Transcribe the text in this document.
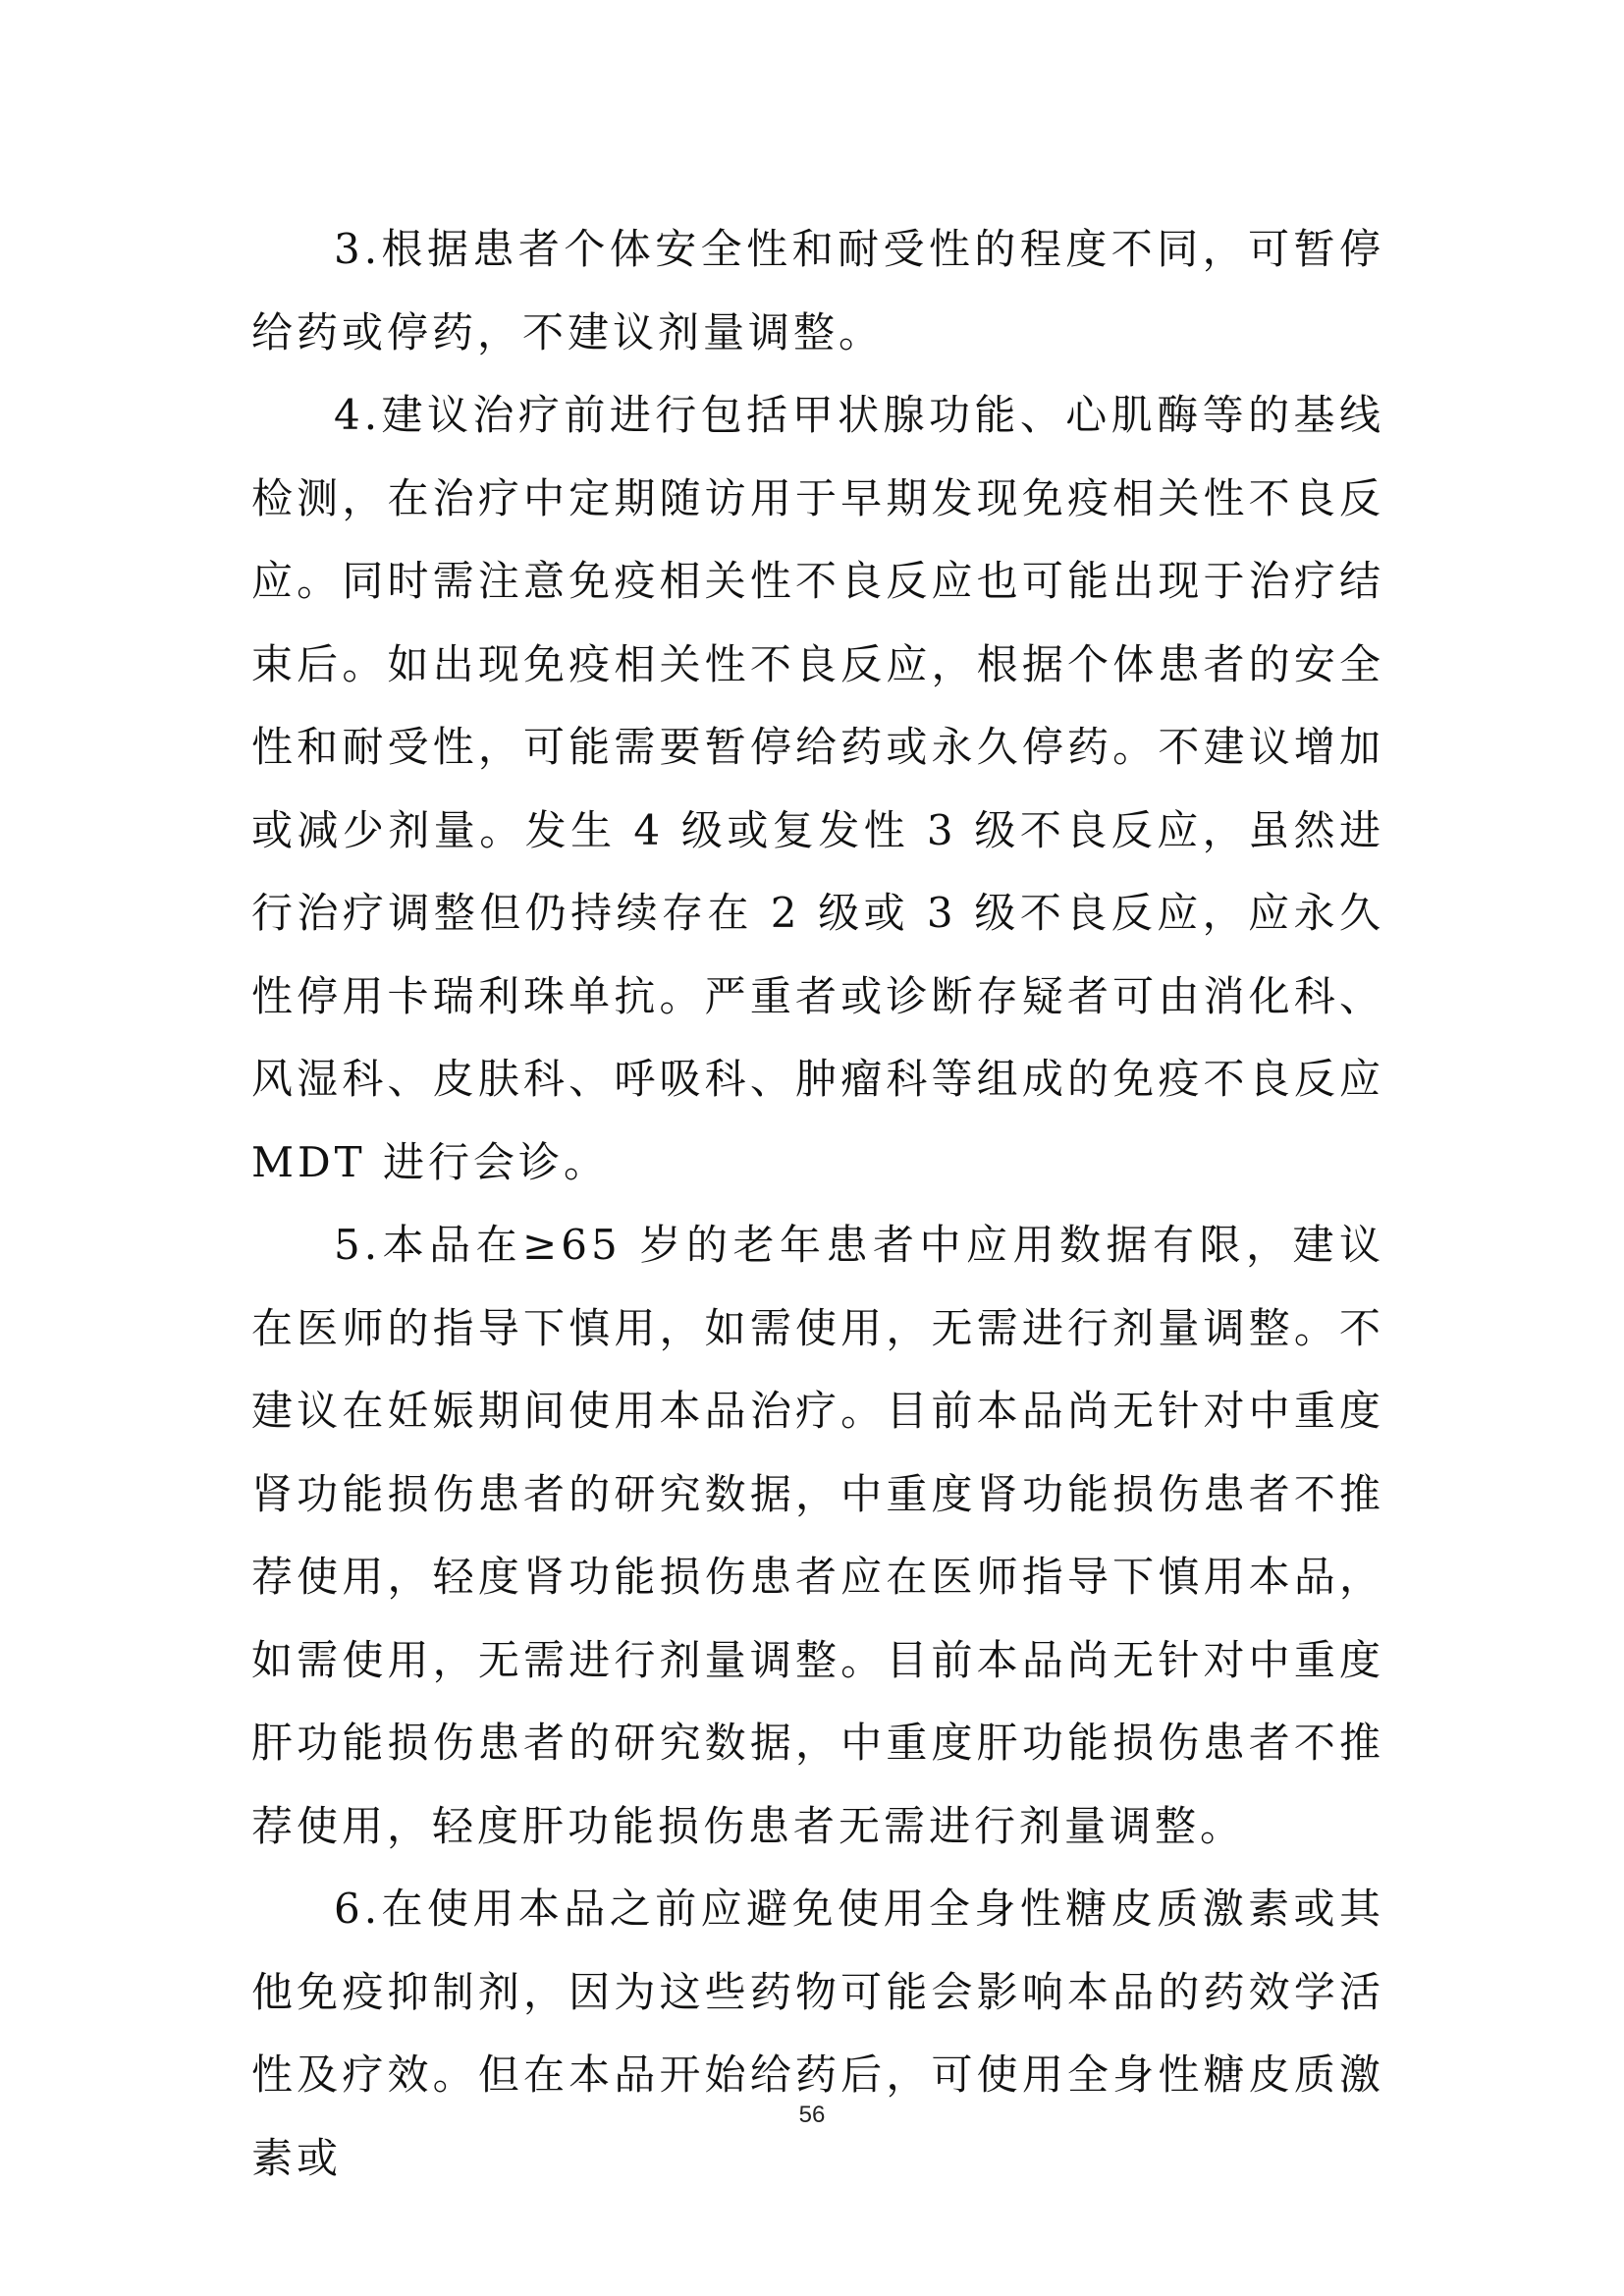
3.根据患者个体安全性和耐受性的程度不同，可暂停给药或停药，不建议剂量调整。

4.建议治疗前进行包括甲状腺功能、心肌酶等的基线检测，在治疗中定期随访用于早期发现免疫相关性不良反应。同时需注意免疫相关性不良反应也可能出现于治疗结束后。如出现免疫相关性不良反应，根据个体患者的安全性和耐受性，可能需要暂停给药或永久停药。不建议增加或减少剂量。发生 4 级或复发性 3 级不良反应，虽然进行治疗调整但仍持续存在 2 级或 3 级不良反应，应永久性停用卡瑞利珠单抗。严重者或诊断存疑者可由消化科、风湿科、皮肤科、呼吸科、肿瘤科等组成的免疫不良反应 MDT 进行会诊。

5.本品在≥65 岁的老年患者中应用数据有限，建议在医师的指导下慎用，如需使用，无需进行剂量调整。不建议在妊娠期间使用本品治疗。目前本品尚无针对中重度肾功能损伤患者的研究数据，中重度肾功能损伤患者不推荐使用，轻度肾功能损伤患者应在医师指导下慎用本品，如需使用，无需进行剂量调整。目前本品尚无针对中重度肝功能损伤患者的研究数据，中重度肝功能损伤患者不推荐使用，轻度肝功能损伤患者无需进行剂量调整。

6.在使用本品之前应避免使用全身性糖皮质激素或其他免疫抑制剂，因为这些药物可能会影响本品的药效学活性及疗效。但在本品开始给药后，可使用全身性糖皮质激素或

56
